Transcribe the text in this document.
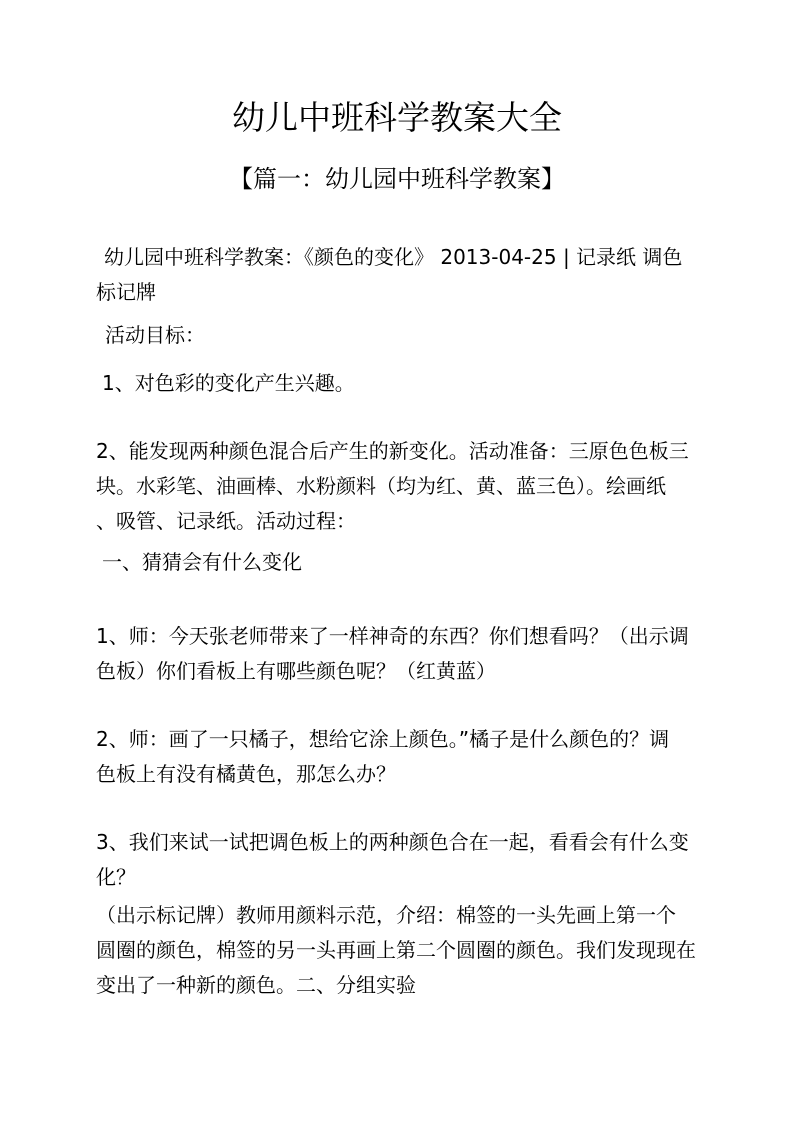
幼儿中班科学教案大全
【篇一：幼儿园中班科学教案】
幼儿园中班科学教案：《颜色的变化》 2013-04-25 | 记录纸 调色
标记牌
活动目标：
1、对色彩的变化产生兴趣。
2、能发现两种颜色混合后产生的新变化。活动准备：三原色色板三
块。水彩笔、油画棒、水粉颜料（均为红、黄、蓝三色）。绘画纸
、吸管、记录纸。活动过程：
一、猜猜会有什么变化
1、师：今天张老师带来了一样神奇的东西？你们想看吗？（出示调
色板）你们看板上有哪些颜色呢？（红黄蓝）
2、师：画了一只橘子，想给它涂上颜色。”橘子是什么颜色的？调
色板上有没有橘黄色，那怎么办？
3、我们来试一试把调色板上的两种颜色合在一起，看看会有什么变
化？
（出示标记牌）教师用颜料示范，介绍：棉签的一头先画上第一个
圆圈的颜色，棉签的另一头再画上第二个圆圈的颜色。我们发现现在
变出了一种新的颜色。二、分组实验
